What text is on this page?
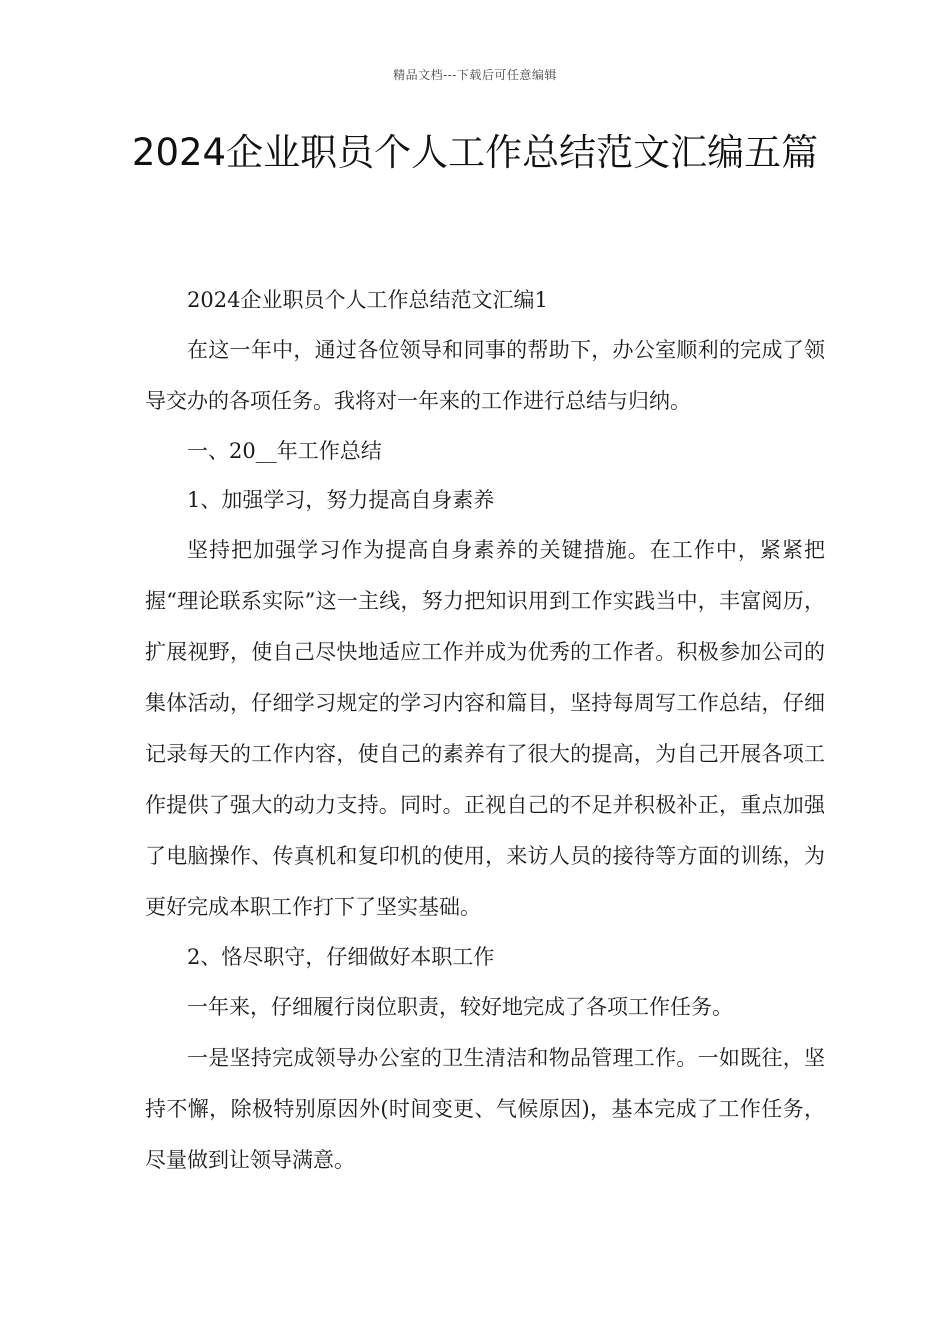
精品文档---下载后可任意编辑
2024企业职员个人工作总结范文汇编五篇

2024企业职员个人工作总结范文汇编1

在这一年中，通过各位领导和同事的帮助下，办公室顺利的完成了领导交办的各项任务。我将对一年来的工作进行总结与归纳。

一、20__年工作总结

1、加强学习，努力提高自身素养

坚持把加强学习作为提高自身素养的关键措施。在工作中，紧紧把握“理论联系实际”这一主线，努力把知识用到工作实践当中，丰富阅历，扩展视野，使自己尽快地适应工作并成为优秀的工作者。积极参加公司的集体活动，仔细学习规定的学习内容和篇目，坚持每周写工作总结，仔细记录每天的工作内容，使自己的素养有了很大的提高，为自己开展各项工作提供了强大的动力支持。同时。正视自己的不足并积极补正，重点加强了电脑操作、传真机和复印机的使用，来访人员的接待等方面的训练，为更好完成本职工作打下了坚实基础。

2、恪尽职守，仔细做好本职工作

一年来，仔细履行岗位职责，较好地完成了各项工作任务。

一是坚持完成领导办公室的卫生清洁和物品管理工作。一如既往，坚持不懈，除极特别原因外(时间变更、气候原因)，基本完成了工作任务，尽量做到让领导满意。
